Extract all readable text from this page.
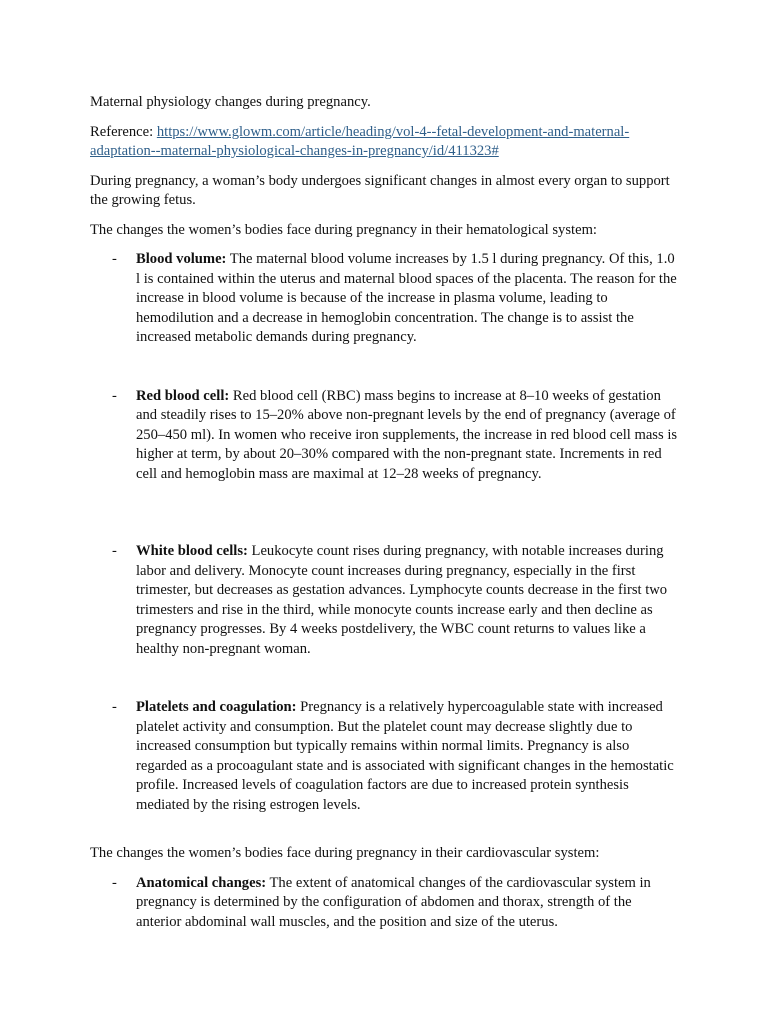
Maternal physiology changes during pregnancy.

Reference: https://www.glowm.com/article/heading/vol-4--fetal-development-and-maternal-adaptation--maternal-physiological-changes-in-pregnancy/id/411323#

During pregnancy, a woman’s body undergoes significant changes in almost every organ to support the growing fetus.

The changes the women’s bodies face during pregnancy in their hematological system:

- Blood volume: The maternal blood volume increases by 1.5 l during pregnancy. Of this, 1.0 l is contained within the uterus and maternal blood spaces of the placenta. The reason for the increase in blood volume is because of the increase in plasma volume, leading to hemodilution and a decrease in hemoglobin concentration. The change is to assist the increased metabolic demands during pregnancy.
- Red blood cell: Red blood cell (RBC) mass begins to increase at 8–10 weeks of gestation and steadily rises to 15–20% above non-pregnant levels by the end of pregnancy (average of 250–450 ml). In women who receive iron supplements, the increase in red blood cell mass is higher at term, by about 20–30% compared with the non-pregnant state. Increments in red cell and hemoglobin mass are maximal at 12–28 weeks of pregnancy.
- White blood cells: Leukocyte count rises during pregnancy, with notable increases during labor and delivery. Monocyte count increases during pregnancy, especially in the first trimester, but decreases as gestation advances. Lymphocyte counts decrease in the first two trimesters and rise in the third, while monocyte counts increase early and then decline as pregnancy progresses. By 4 weeks postdelivery, the WBC count returns to values like a healthy non-pregnant woman.
- Platelets and coagulation: Pregnancy is a relatively hypercoagulable state with increased platelet activity and consumption. But the platelet count may decrease slightly due to increased consumption but typically remains within normal limits. Pregnancy is also regarded as a procoagulant state and is associated with significant changes in the hemostatic profile. Increased levels of coagulation factors are due to increased protein synthesis mediated by the rising estrogen levels.

The changes the women’s bodies face during pregnancy in their cardiovascular system:

- Anatomical changes: The extent of anatomical changes of the cardiovascular system in pregnancy is determined by the configuration of abdomen and thorax, strength of the anterior abdominal wall muscles, and the position and size of the uterus.
